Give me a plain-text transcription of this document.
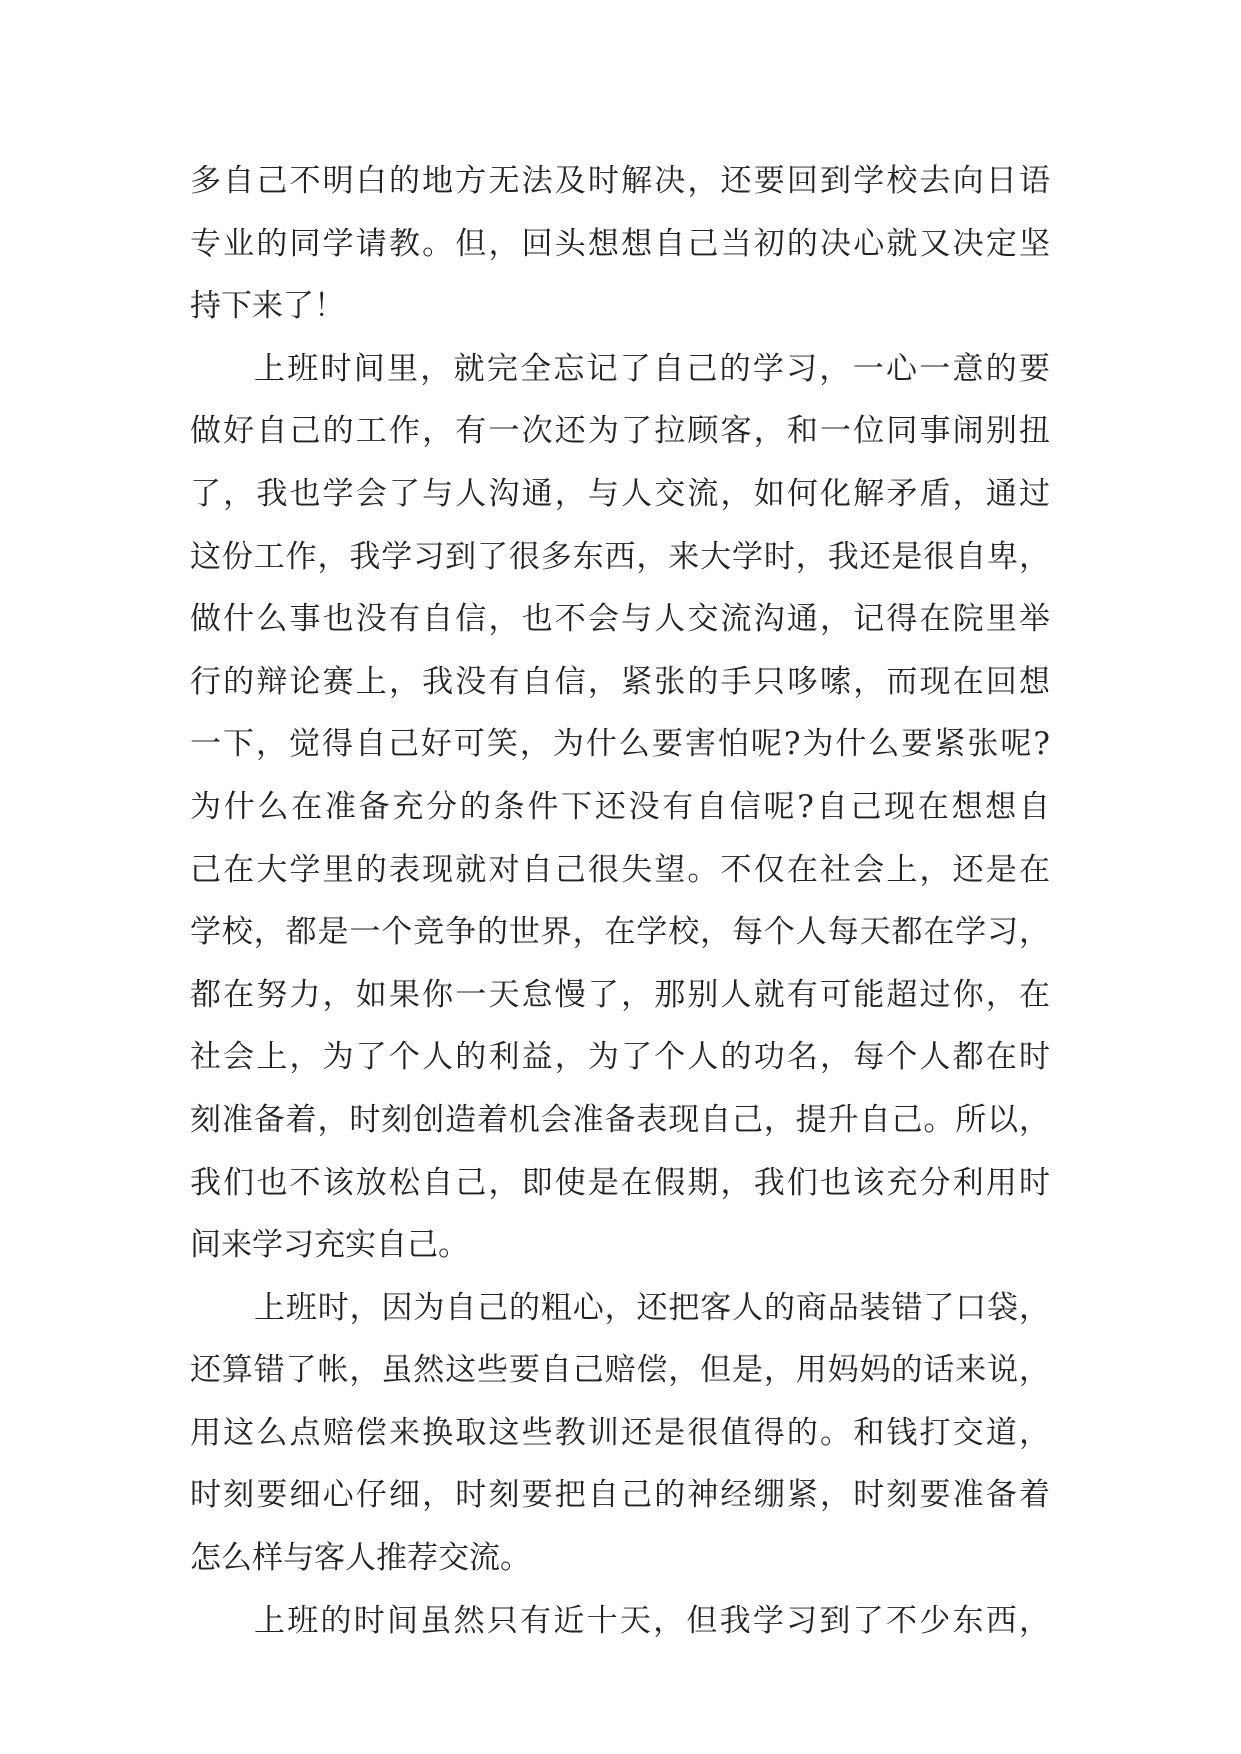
多自己不明白的地方无法及时解决，还要回到学校去向日语
专业的同学请教。但，回头想想自己当初的决心就又决定坚
持下来了！
上班时间里，就完全忘记了自己的学习，一心一意的要
做好自己的工作，有一次还为了拉顾客，和一位同事闹别扭
了，我也学会了与人沟通，与人交流，如何化解矛盾，通过
这份工作，我学习到了很多东西，来大学时，我还是很自卑，
做什么事也没有自信，也不会与人交流沟通，记得在院里举
行的辩论赛上，我没有自信，紧张的手只哆嗦，而现在回想
一下，觉得自己好可笑，为什么要害怕呢?为什么要紧张呢?
为什么在准备充分的条件下还没有自信呢?自己现在想想自
己在大学里的表现就对自己很失望。不仅在社会上，还是在
学校，都是一个竞争的世界，在学校，每个人每天都在学习，
都在努力，如果你一天怠慢了，那别人就有可能超过你，在
社会上，为了个人的利益，为了个人的功名，每个人都在时
刻准备着，时刻创造着机会准备表现自己，提升自己。所以，
我们也不该放松自己，即使是在假期，我们也该充分利用时
间来学习充实自己。
上班时，因为自己的粗心，还把客人的商品装错了口袋，
还算错了帐，虽然这些要自己赔偿，但是，用妈妈的话来说，
用这么点赔偿来换取这些教训还是很值得的。和钱打交道，
时刻要细心仔细，时刻要把自己的神经绷紧，时刻要准备着
怎么样与客人推荐交流。
上班的时间虽然只有近十天，但我学习到了不少东西，
